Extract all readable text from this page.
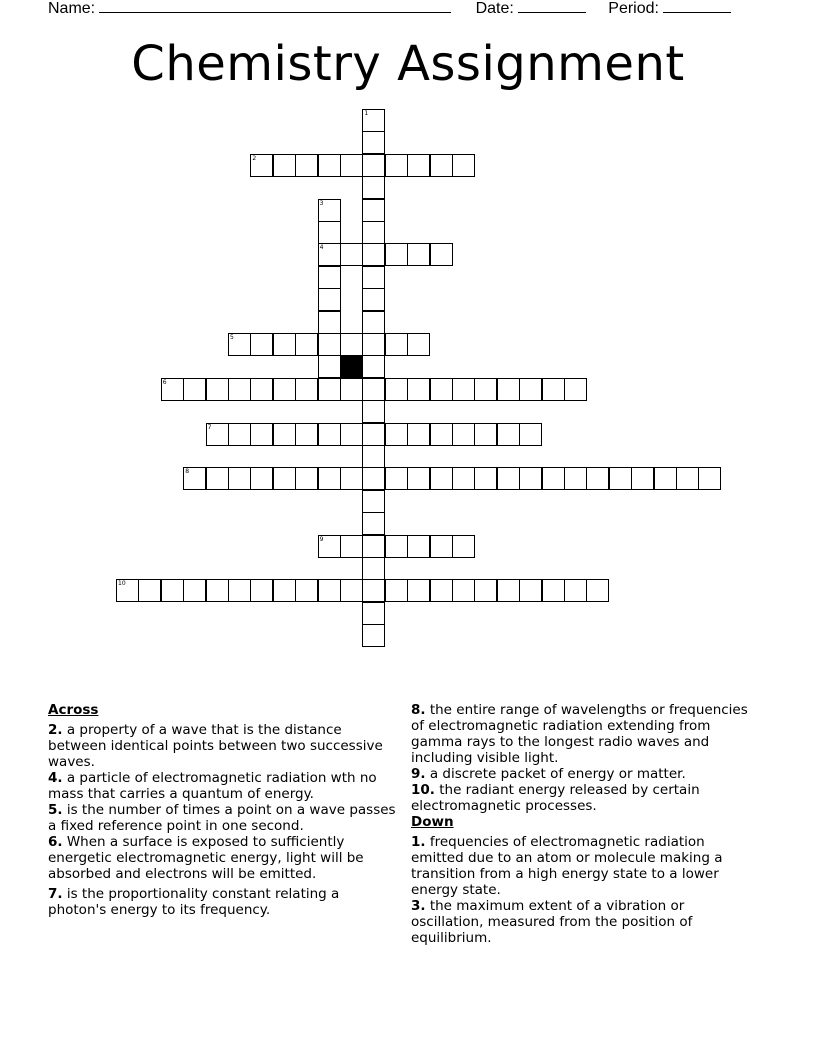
Name:	Date:	Period:
Chemistry Assignment
1
2
3
4
5
6
7
8
9
10
Across
2. a property of a wave that is the distance between identical points between two successive waves.
4. a particle of electromagnetic radiation wth no mass that carries a quantum of energy.
5. is the number of times a point on a wave passes a fixed reference point in one second.
6. When a surface is exposed to sufficiently energetic electromagnetic energy, light will be absorbed and electrons will be emitted.
7. is the proportionality constant relating a photon's energy to its frequency.
8. the entire range of wavelengths or frequencies of electromagnetic radiation extending from gamma rays to the longest radio waves and including visible light.
9. a discrete packet of energy or matter.
10. the radiant energy released by certain electromagnetic processes.
Down
1. frequencies of electromagnetic radiation emitted due to an atom or molecule making a transition from a high energy state to a lower energy state.
3. the maximum extent of a vibration or oscillation, measured from the position of equilibrium.
